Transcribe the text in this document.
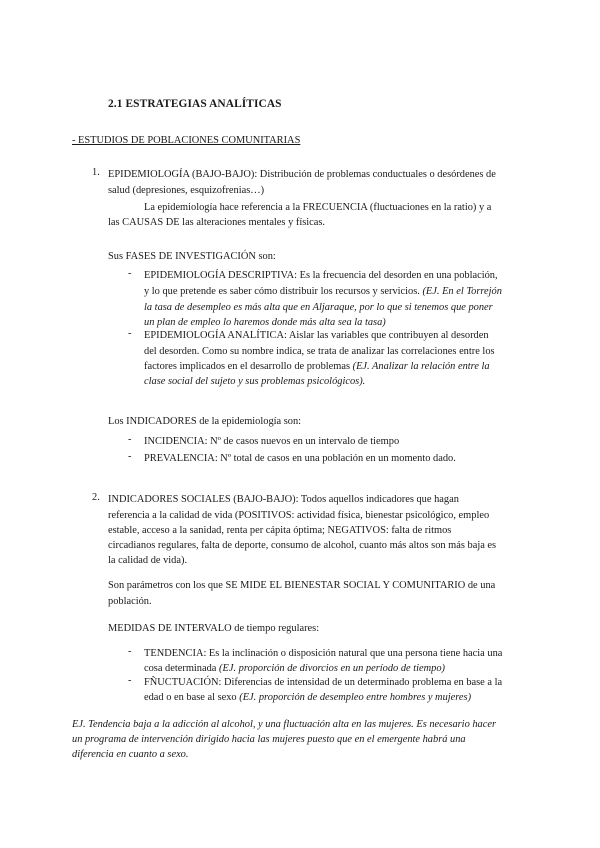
2.1 ESTRATEGIAS ANALÍTICAS
- ESTUDIOS DE POBLACIONES COMUNITARIAS
1. EPIDEMIOLOGÍA (BAJO-BAJO): Distribución de problemas conductuales o desórdenes de
salud (depresiones, esquizofrenias…)
La epidemiología hace referencia a la FRECUENCIA (fluctuaciones en la ratio) y a
las CAUSAS DE las alteraciones mentales y físicas.
Sus FASES DE INVESTIGACIÓN son:
- EPIDEMIOLOGÍA DESCRIPTIVA: Es la frecuencia del desorden en una población,
y lo que pretende es saber cómo distribuir los recursos y servicios. (EJ. En el Torrejón
la tasa de desempleo es más alta que en Aljaraque, por lo que si tenemos que poner
un plan de empleo lo haremos donde más alta sea la tasa)
- EPIDEMIOLOGÍA ANALÍTICA: Aislar las variables que contribuyen al desorden
del desorden. Como su nombre indica, se trata de analizar las correlaciones entre los
factores implicados en el desarrollo de problemas (EJ. Analizar la relación entre la
clase social del sujeto y sus problemas psicológicos).
Los INDICADORES de la epidemiología son:
- INCIDENCIA: Nº de casos nuevos en un intervalo de tiempo
- PREVALENCIA: Nº total de casos en una población en un momento dado.
2. INDICADORES SOCIALES (BAJO-BAJO): Todos aquellos indicadores que hagan
referencia a la calidad de vida (POSITIVOS: actividad física, bienestar psicológico, empleo
estable, acceso a la sanidad, renta per cápita óptima; NEGATIVOS: falta de ritmos
circadianos regulares, falta de deporte, consumo de alcohol, cuanto más altos son más baja es
la calidad de vida).
Son parámetros con los que SE MIDE EL BIENESTAR SOCIAL Y COMUNITARIO de una
población.
MEDIDAS DE INTERVALO de tiempo regulares:
- TENDENCIA: Es la inclinación o disposición natural que una persona tiene hacia una
cosa determinada (EJ. proporción de divorcios en un período de tiempo)
- FÑUCTUACIÓN: Diferencias de intensidad de un determinado problema en base a la
edad o en base al sexo (EJ. proporción de desempleo entre hombres y mujeres)
EJ. Tendencia baja a la adicción al alcohol, y una fluctuación alta en las mujeres. Es necesario hacer
un programa de intervención dirigido hacia las mujeres puesto que en el emergente habrá una
diferencia en cuanto a sexo.
